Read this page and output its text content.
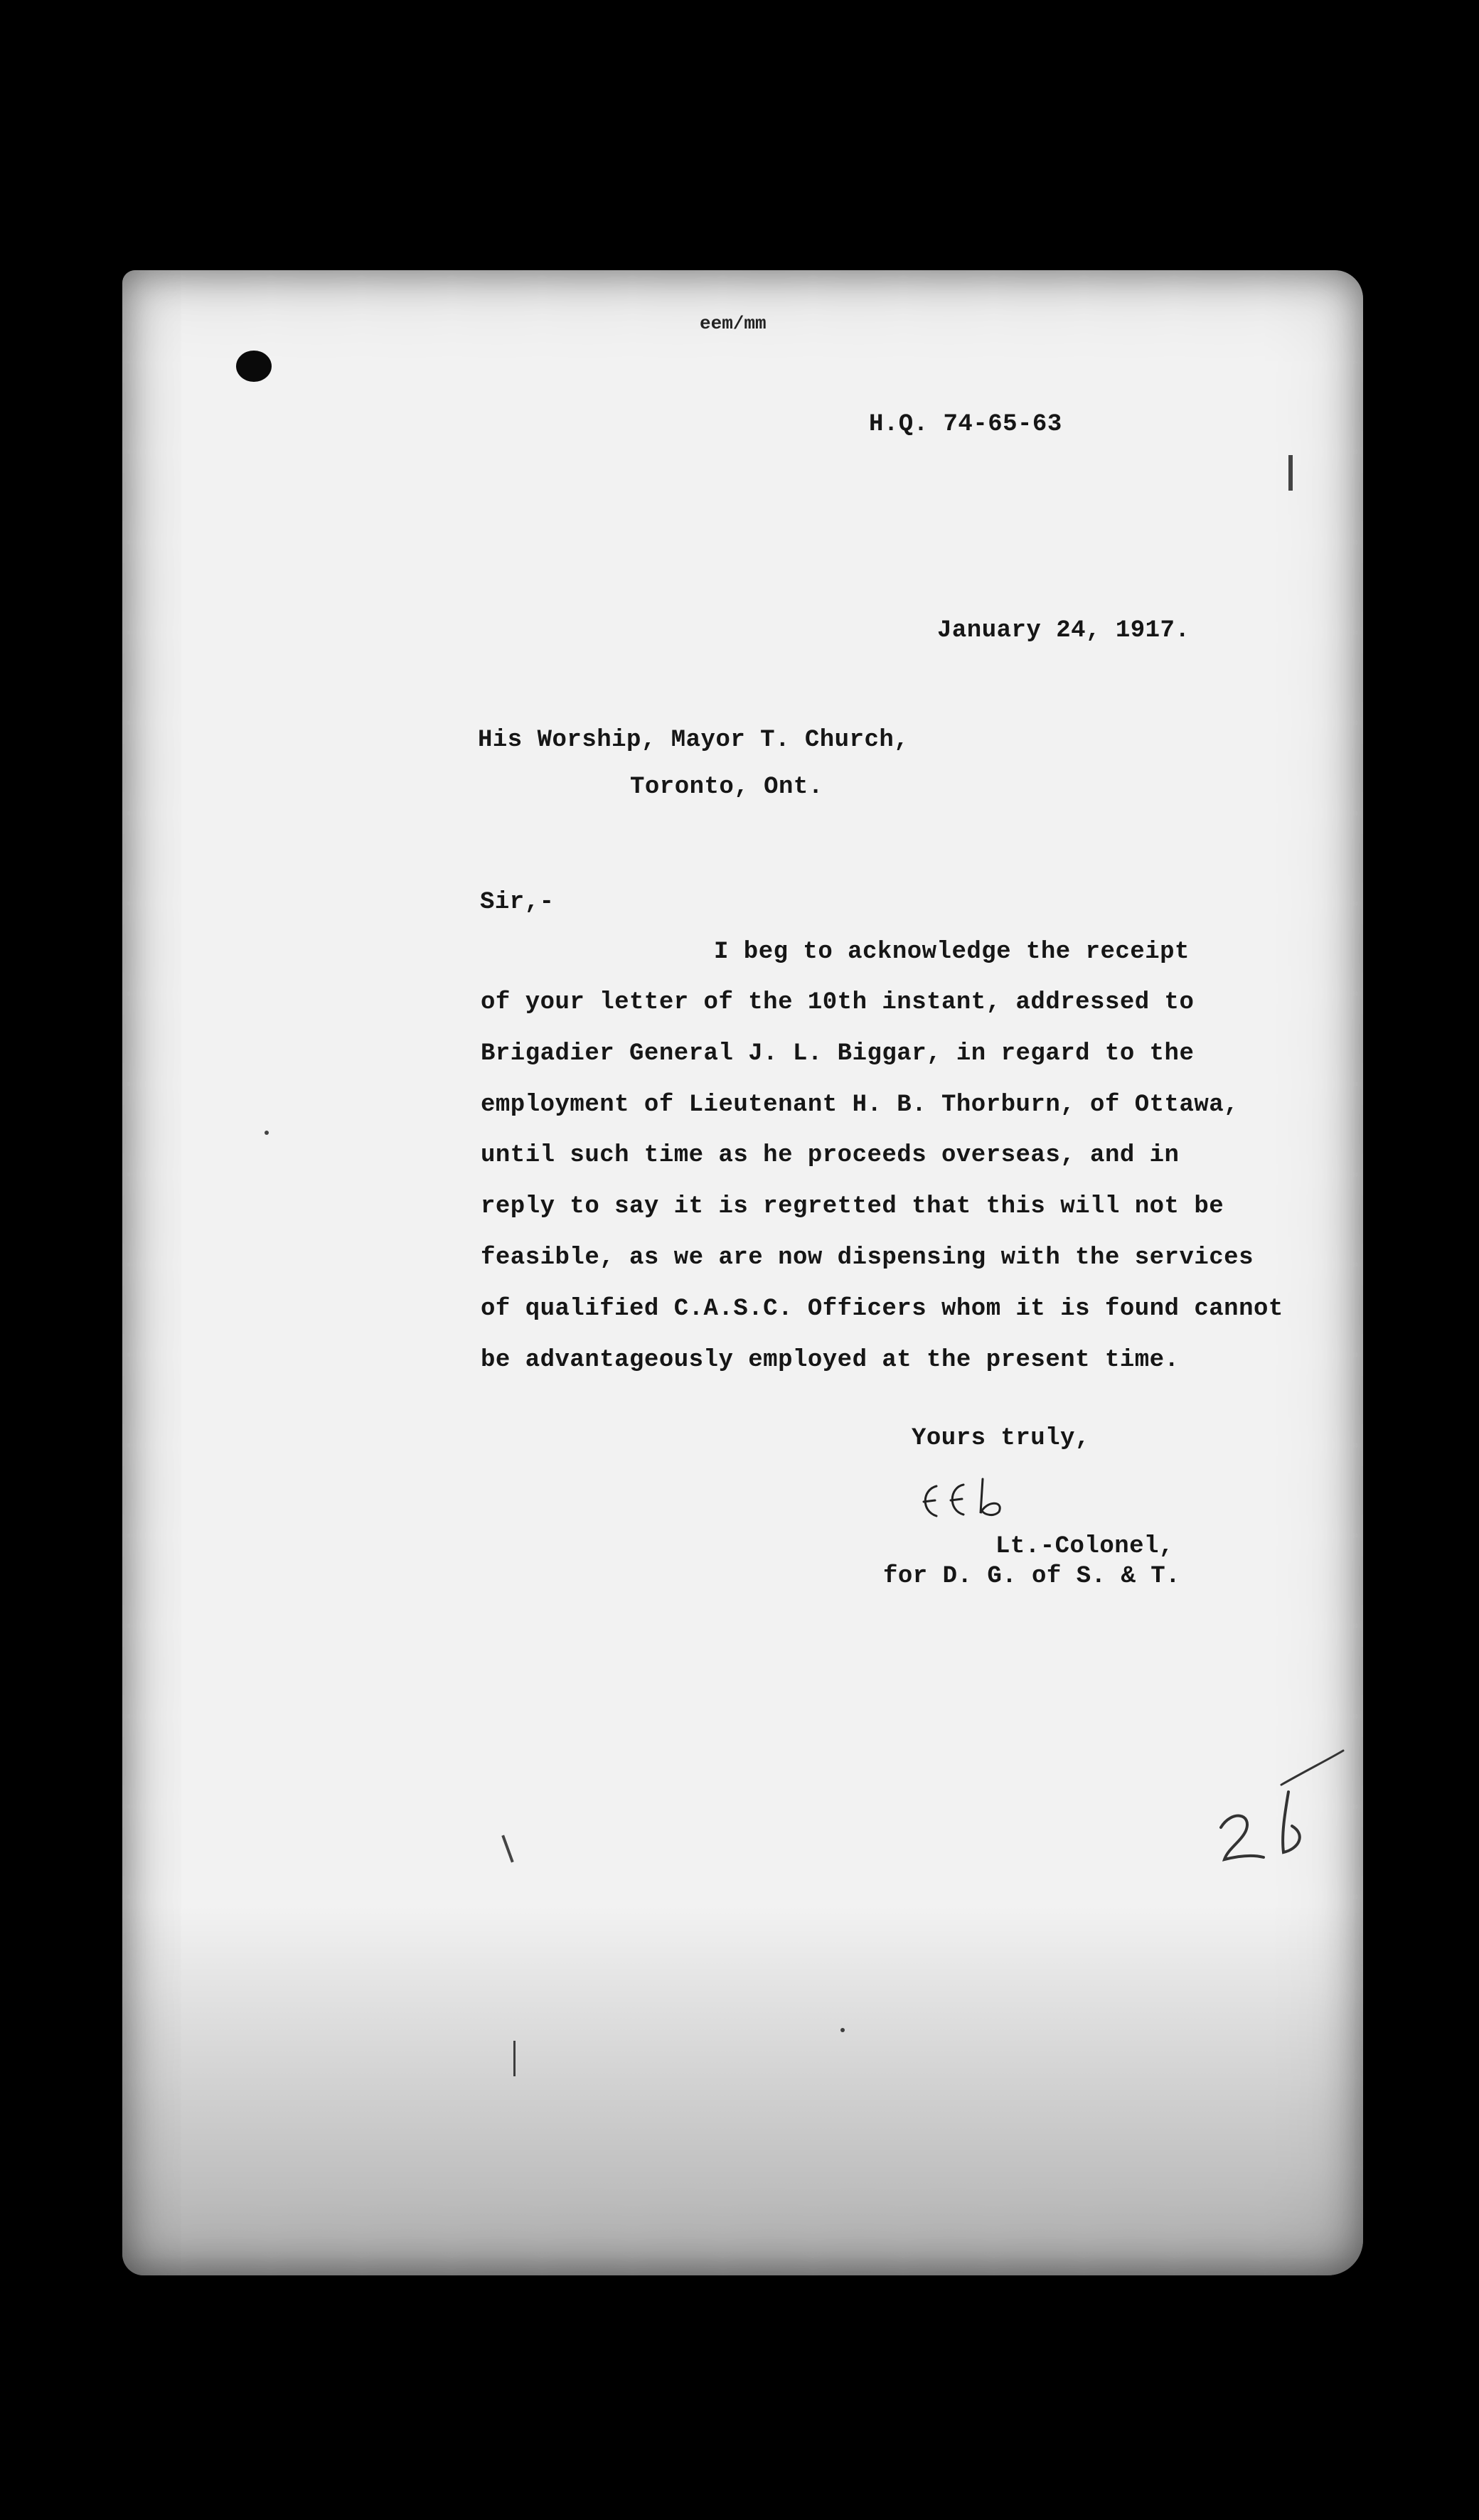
eem/mm
H.Q. 74-65-63
January 24, 1917.
His Worship, Mayor T. Church,
Toronto, Ont.
Sir,-
I beg to acknowledge the receipt
of your letter of the 10th instant, addressed to
Brigadier General J. L. Biggar, in regard to the
employment of Lieutenant H. B. Thorburn, of Ottawa,
until such time as he proceeds overseas, and in
reply to say it is regretted that this will not be
feasible, as we are now dispensing with the services
of qualified C.A.S.C. Officers whom it is found cannot
be advantageously employed at the present time.
Yours truly,
Lt.-Colonel,
for D. G. of S. & T.
